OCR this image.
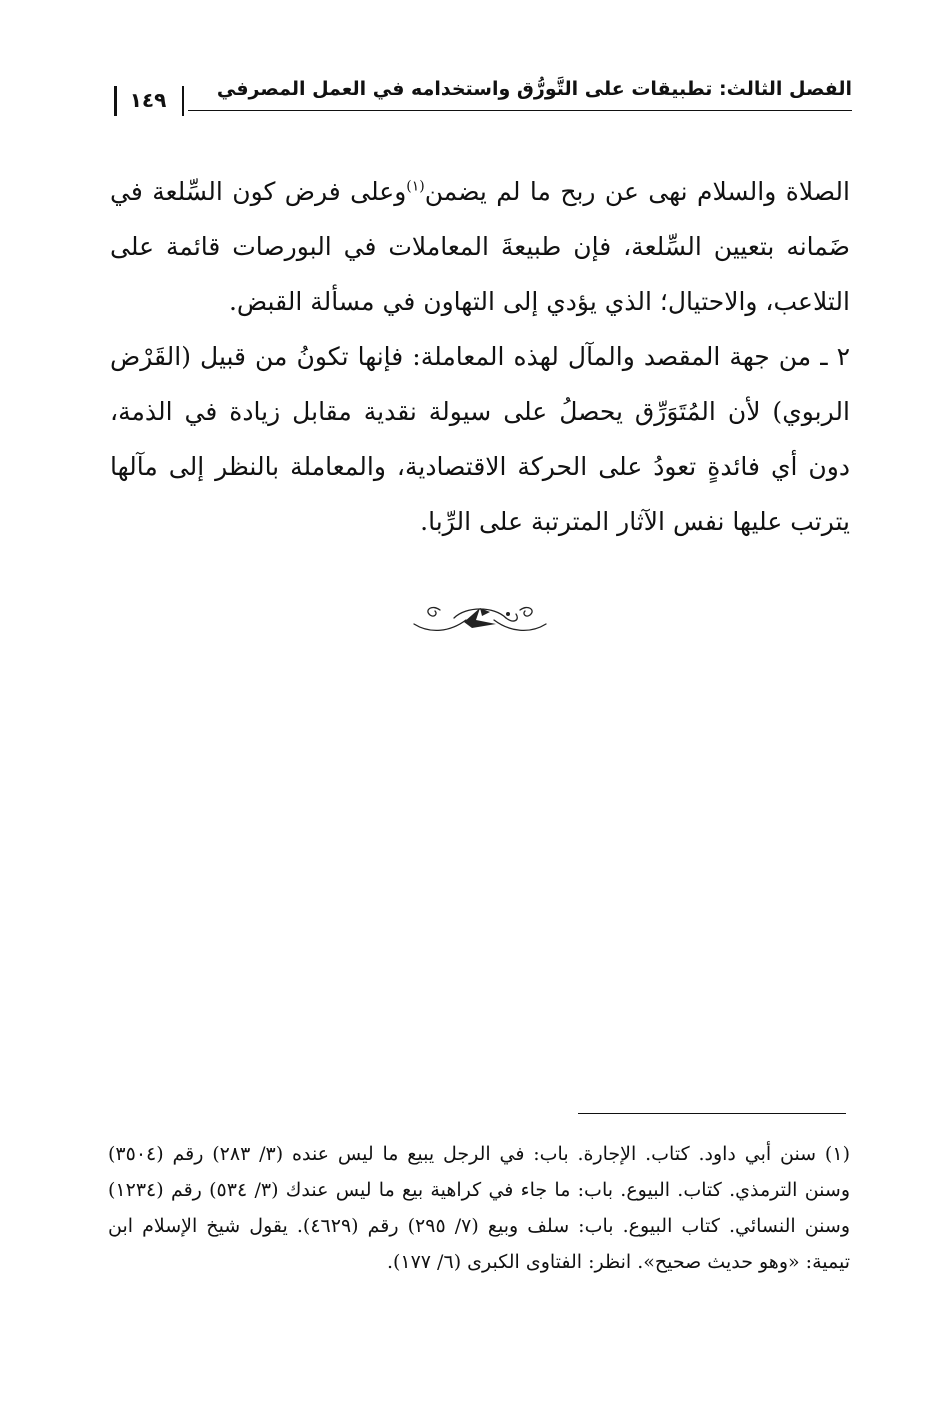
الفصل الثالث: تطبيقات على التَّورُّق واستخدامه في العمل المصرفي
١٤٩

الصلاة والسلام نهى عن ربح ما لم يضمن$^{(١)}$وعلى فرض كون السِّلعة في ضَمانه بتعيين السِّلعة، فإن طبيعةَ المعاملات في البورصات قائمة على التلاعب، والاحتيال؛ الذي يؤدي إلى التهاون في مسألة القبض.

٢ ـ من جهة المقصد والمآل لهذه المعاملة: فإنها تكونُ من قبيل (القَرْض الربوي) لأن المُتَوَرِّق يحصلُ على سيولة نقدية مقابل زيادة في الذمة، دون أي فائدةٍ تعودُ على الحركة الاقتصادية، والمعاملة بالنظر إلى مآلها يترتب عليها نفس الآثار المترتبة على الرِّبا.

(١) سنن أبي داود. كتاب. الإجارة. باب: في الرجل يبيع ما ليس عنده (٣/ ٢٨٣) رقم (٣٥٠٤) وسنن الترمذي. كتاب. البيوع. باب: ما جاء في كراهية بيع ما ليس عندك (٣/ ٥٣٤) رقم (١٢٣٤) وسنن النسائي. كتاب البيوع. باب: سلف وبيع (٧/ ٢٩٥) رقم (٤٦٢٩). يقول شيخ الإسلام ابن تيمية: «وهو حديث صحيح». انظر: الفتاوى الكبرى (٦/ ١٧٧).
